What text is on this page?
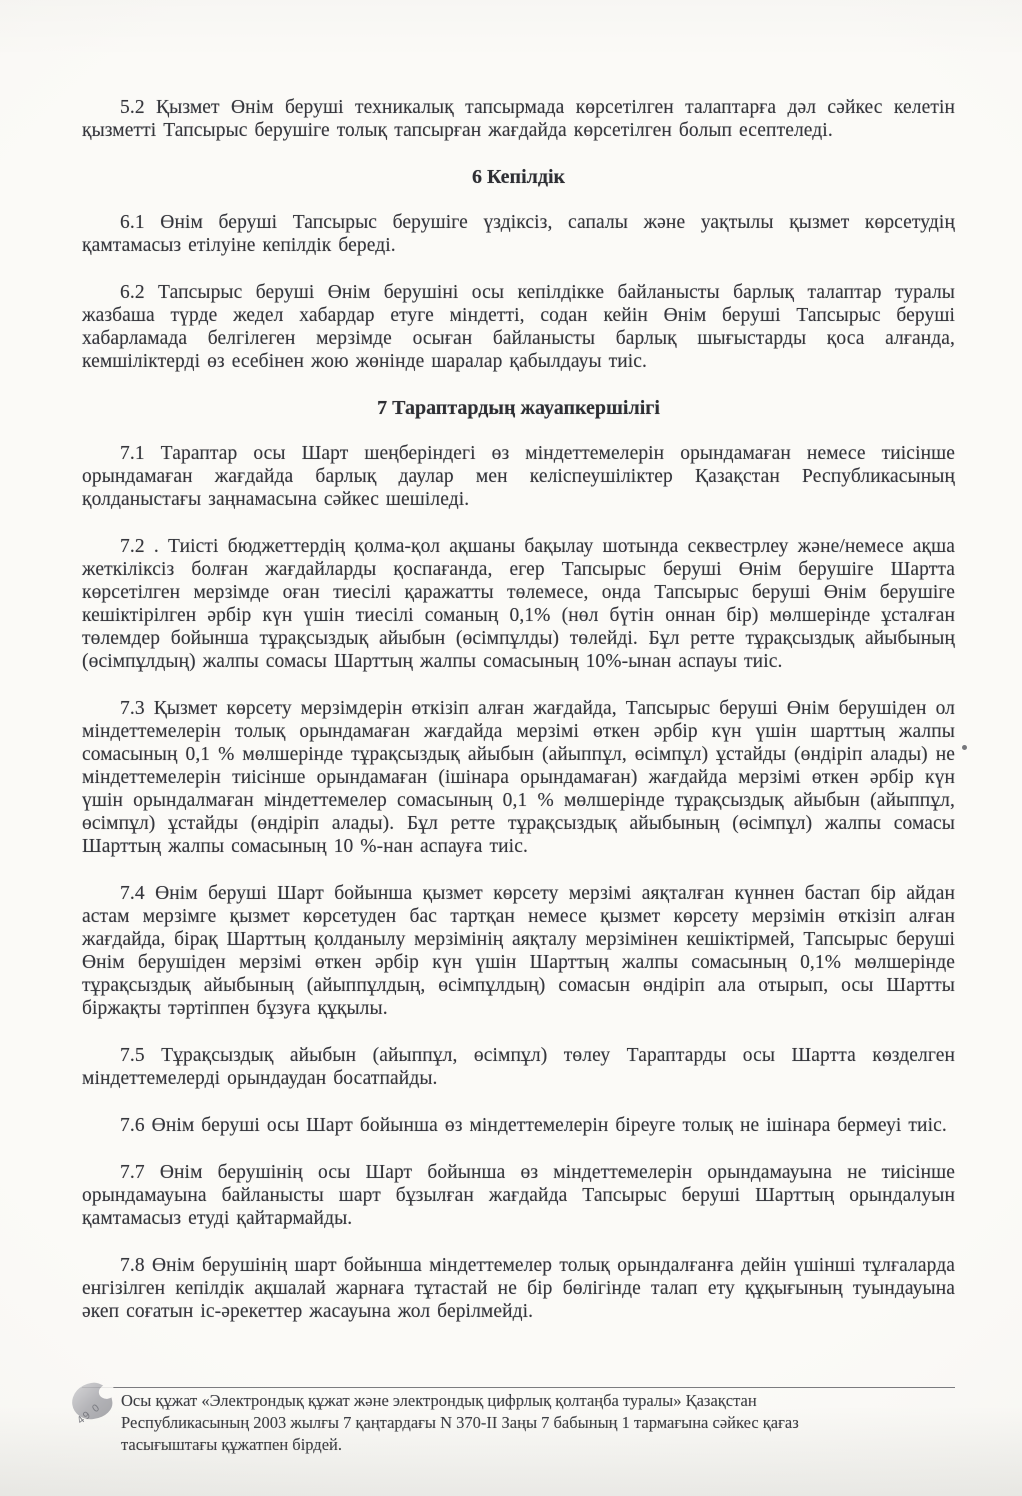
5.2 Қызмет Өнім беруші техникалық тапсырмада көрсетілген талаптарға дәл сәйкес келетін қызметті Тапсырыс берушіге толық тапсырған жағдайда көрсетілген болып есептеледі.

6 Кепілдік

6.1 Өнім беруші Тапсырыс берушіге үздіксіз, сапалы және уақтылы қызмет көрсетудің қамтамасыз етілуіне кепілдік береді.

6.2 Тапсырыс беруші Өнім берушіні осы кепілдікке байланысты барлық талаптар туралы жазбаша түрде жедел хабардар етуге міндетті, содан кейін Өнім беруші Тапсырыс беруші хабарламада белгілеген мерзімде осыған байланысты барлық шығыстарды қоса алғанда, кемшіліктерді өз есебінен жою жөнінде шаралар қабылдауы тиіс.

7 Тараптардың жауапкершілігі

7.1 Тараптар осы Шарт шеңберіндегі өз міндеттемелерін орындамаған немесе тиісінше орындамаған жағдайда барлық даулар мен келіспеушіліктер Қазақстан Республикасының қолданыстағы заңнамасына сәйкес шешіледі.

7.2 . Тиісті бюджеттердің қолма-қол ақшаны бақылау шотында секвестрлеу және/немесе ақша жеткіліксіз болған жағдайларды қоспағанда, егер Тапсырыс беруші Өнім берушіге Шартта көрсетілген мерзімде оған тиесілі қаражатты төлемесе, онда Тапсырыс беруші Өнім берушіге кешіктірілген әрбір күн үшін тиесілі соманың 0,1% (нөл бүтін оннан бір) мөлшерінде ұсталған төлемдер бойынша тұрақсыздық айыбын (өсімпұлды) төлейді. Бұл ретте тұрақсыздық айыбының (өсімпұлдың) жалпы сомасы Шарттың жалпы сомасының 10%-ынан аспауы тиіс.

7.3 Қызмет көрсету мерзімдерін өткізіп алған жағдайда, Тапсырыс беруші Өнім берушіден ол міндеттемелерін толық орындамаған жағдайда мерзімі өткен әрбір күн үшін шарттың жалпы сомасының 0,1 % мөлшерінде тұрақсыздық айыбын (айыппұл, өсімпұл) ұстайды (өндіріп алады) не міндеттемелерін тиісінше орындамаған (ішінара орындамаған) жағдайда мерзімі өткен әрбір күн үшін орындалмаған міндеттемелер сомасының 0,1 % мөлшерінде тұрақсыздық айыбын (айыппұл, өсімпұл) ұстайды (өндіріп алады). Бұл ретте тұрақсыздық айыбының (өсімпұл) жалпы сомасы Шарттың жалпы сомасының 10 %-нан аспауға тиіс.

7.4 Өнім беруші Шарт бойынша қызмет көрсету мерзімі аяқталған күннен бастап бір айдан астам мерзімге қызмет көрсетуден бас тартқан немесе қызмет көрсету мерзімін өткізіп алған жағдайда, бірақ Шарттың қолданылу мерзімінің аяқталу мерзімінен кешіктірмей, Тапсырыс беруші Өнім берушіден мерзімі өткен әрбір күн үшін Шарттың жалпы сомасының 0,1% мөлшерінде тұрақсыздық айыбының (айыппұлдың, өсімпұлдың) сомасын өндіріп ала отырып, осы Шартты біржақты тәртіппен бұзуға құқылы.

7.5 Тұрақсыздық айыбын (айыппұл, өсімпұл) төлеу Тараптарды осы Шартта көзделген міндеттемелерді орындаудан босатпайды.

7.6 Өнім беруші осы Шарт бойынша өз міндеттемелерін біреуге толық не ішінара бермеуі тиіс.

7.7 Өнім берушінің осы Шарт бойынша өз міндеттемелерін орындамауына не тиісінше орындамауына байланысты шарт бұзылған жағдайда Тапсырыс беруші Шарттың орындалуын қамтамасыз етуді қайтармайды.

7.8 Өнім берушінің шарт бойынша міндеттемелер толық орындалғанға дейін үшінші тұлғаларда енгізілген кепілдік ақшалай жарнаға тұтастай не бір бөлігінде талап ету құқығының туындауына әкеп соғатын іс-әрекеттер жасауына жол берілмейді.

49 0
Осы құжат «Электрондық құжат және электрондық цифрлық қолтаңба туралы» Қазақстан Республикасының 2003 жылғы 7 қаңтардағы N 370-II Заңы 7 бабының 1 тармағына сәйкес қағаз тасығыштағы құжатпен бірдей.
